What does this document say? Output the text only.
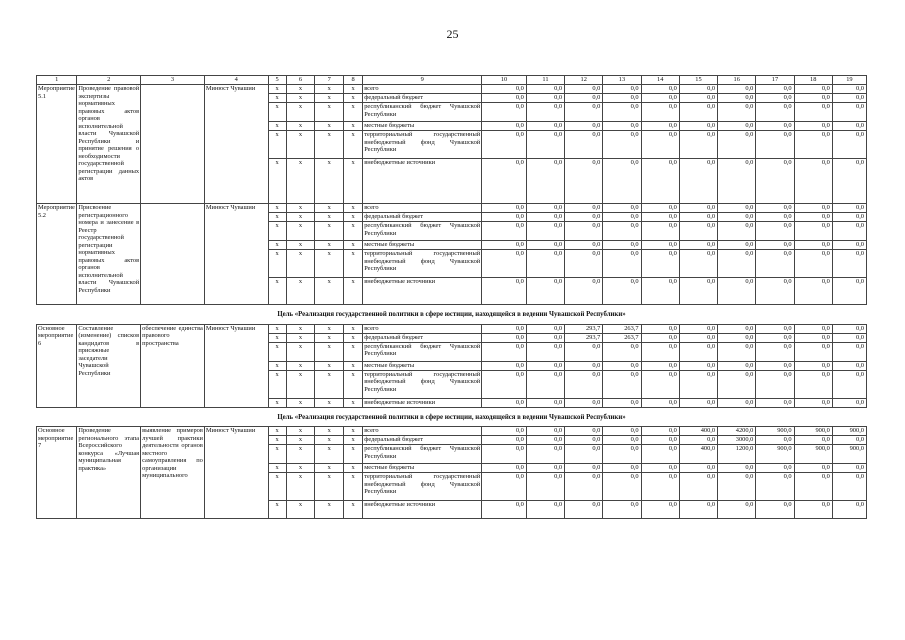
25
1	2	3	4	5	6	7	8	9	10	11	12	13	14	15	16	17	18	19
Мероприятие 5.1	Проведение правовой экспертизы нормативных правовых актов органов исполнительной власти Чувашской Республики и принятие решения о необходимости государственной регистрации данных актов		Минюст Чувашии	х	х	х	х	всего	0,0	0,0	0,0	0,0	0,0	0,0	0,0	0,0	0,0	0,0
				х	х	х	х	федеральный бюджет	0,0	0,0	0,0	0,0	0,0	0,0	0,0	0,0	0,0	0,0
				х	х	х	х	республиканский бюджет Чувашской Республики	0,0	0,0	0,0	0,0	0,0	0,0	0,0	0,0	0,0	0,0
				х	х	х	х	местные бюджеты	0,0	0,0	0,0	0,0	0,0	0,0	0,0	0,0	0,0	0,0
				х	х	х	х	территориальный государственный внебюджетный фонд Чувашской Республики	0,0	0,0	0,0	0,0	0,0	0,0	0,0	0,0	0,0	0,0
				х	х	х	х	внебюджетные источники	0,0	0,0	0,0	0,0	0,0	0,0	0,0	0,0	0,0	0,0
Мероприятие 5.2	Присвоение регистрационного номера и занесение в Реестр государственной регистрации нормативных правовых актов органов исполнительной власти Чувашской Республики		Минюст Чувашии	х	х	х	х	всего	0,0	0,0	0,0	0,0	0,0	0,0	0,0	0,0	0,0	0,0
				х	х	х	х	федеральный бюджет	0,0	0,0	0,0	0,0	0,0	0,0	0,0	0,0	0,0	0,0
				х	х	х	х	республиканский бюджет Чувашской Республики	0,0	0,0	0,0	0,0	0,0	0,0	0,0	0,0	0,0	0,0
				х	х	х	х	местные бюджеты	0,0	0,0	0,0	0,0	0,0	0,0	0,0	0,0	0,0	0,0
				х	х	х	х	территориальный государственный внебюджетный фонд Чувашской Республики	0,0	0,0	0,0	0,0	0,0	0,0	0,0	0,0	0,0	0,0
				х	х	х	х	внебюджетные источники	0,0	0,0	0,0	0,0	0,0	0,0	0,0	0,0	0,0	0,0
Цель «Реализация государственной политики в сфере юстиции, находящейся в ведении Чувашской Республики»																		
Основное мероприятие 6	Составление (изменение) списков кандидатов в присяжные заседатели Чувашской Республики	обеспечение единства правового пространства	Минюст Чувашии	х	х	х	х	всего	0,0	0,0	293,7	263,7	0,0	0,0	0,0	0,0	0,0	0,0
				х	х	х	х	федеральный бюджет	0,0	0,0	293,7	263,7	0,0	0,0	0,0	0,0	0,0	0,0
				х	х	х	х	республиканский бюджет Чувашской Республики	0,0	0,0	0,0	0,0	0,0	0,0	0,0	0,0	0,0	0,0
				х	х	х	х	местные бюджеты	0,0	0,0	0,0	0,0	0,0	0,0	0,0	0,0	0,0	0,0
				х	х	х	х	территориальный государственный внебюджетный фонд Чувашской Республики	0,0	0,0	0,0	0,0	0,0	0,0	0,0	0,0	0,0	0,0
				х	х	х	х	внебюджетные источники	0,0	0,0	0,0	0,0	0,0	0,0	0,0	0,0	0,0	0,0
Цель «Реализация государственной политики в сфере юстиции, находящейся в ведении Чувашской Республики»																		
Основное мероприятие 7	Проведение регионального этапа Всероссийского конкурса «Лучшая муниципальная практика»	выявление примеров лучшей практики деятельности органов местного самоуправления по организации муниципального	Минюст Чувашии	х	х	х	х	всего	0,0	0,0	0,0	0,0	0,0	400,0	4200,0	900,0	900,0	900,0
				х	х	х	х	федеральный бюджет	0,0	0,0	0,0	0,0	0,0	0,0	3000,0	0,0	0,0	0,0
				х	х	х	х	республиканский бюджет Чувашской Республики	0,0	0,0	0,0	0,0	0,0	400,0	1200,0	900,0	900,0	900,0
				х	х	х	х	местные бюджеты	0,0	0,0	0,0	0,0	0,0	0,0	0,0	0,0	0,0	0,0
				х	х	х	х	территориальный государственный внебюджетный фонд Чувашской Республики	0,0	0,0	0,0	0,0	0,0	0,0	0,0	0,0	0,0	0,0
				х	х	х	х	внебюджетные источники	0,0	0,0	0,0	0,0	0,0	0,0	0,0	0,0	0,0	0,0
